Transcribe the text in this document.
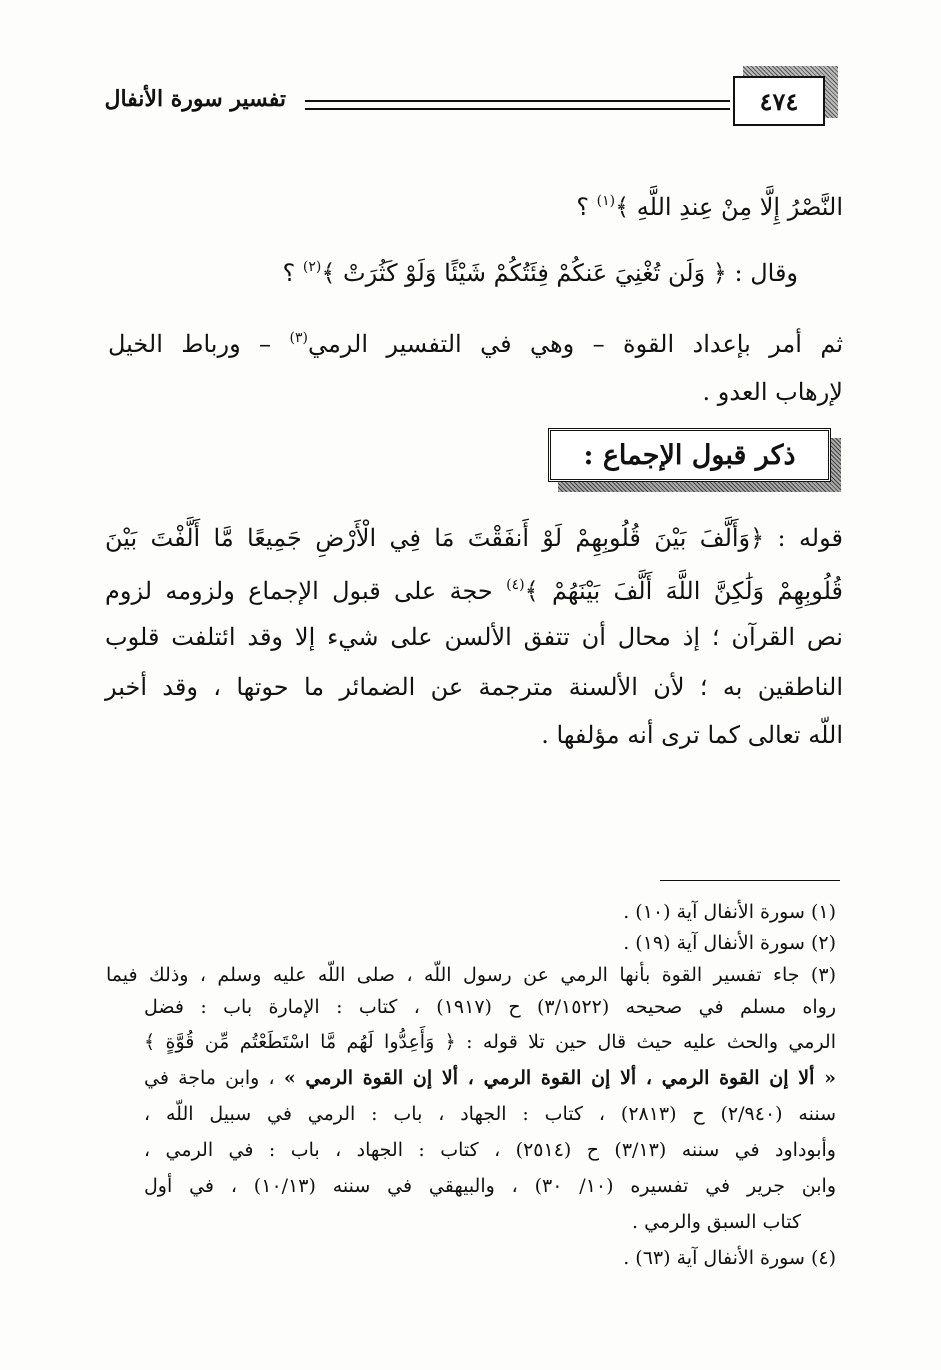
تفسير سورة الأنفال	٤٧٤
النَّصْرُ إِلَّا مِنْ عِندِ اللَّهِ ﴾$^{(١)}$ ؟
وقال : ﴿ وَلَن تُغْنِيَ عَنكُمْ فِئَتُكُمْ شَيْئًا وَلَوْ كَثُرَتْ ﴾$^{(٢)}$ ؟
ثم أمر بإعداد القوة – وهي في التفسير الرمي$^{(٣)}$ – ورباط الخيل
لإرهاب العدو .
ذكر قبول الإجماع :
قوله : ﴿وَأَلَّفَ بَيْنَ قُلُوبِهِمْ لَوْ أَنفَقْتَ مَا فِي الْأَرْضِ جَمِيعًا مَّا أَلَّفْتَ بَيْنَ
قُلُوبِهِمْ وَلَٰكِنَّ اللَّهَ أَلَّفَ بَيْنَهُمْ ﴾$^{(٤)}$ حجة على قبول الإجماع ولزومه لزوم
نص القرآن ؛ إذ محال أن تتفق الألسن على شيء إلا وقد ائتلفت قلوب
الناطقين به ؛ لأن الألسنة مترجمة عن الضمائر ما حوتها ، وقد أخبر
اللّه تعالى كما ترى أنه مؤلفها .
(١) سورة الأنفال آية (١٠) .
(٢) سورة الأنفال آية (١٩) .
(٣) جاء تفسير القوة بأنها الرمي عن رسول اللّه ، صلى اللّه عليه وسلم ، وذلك فيما
رواه مسلم في صحيحه (٣/١٥٢٢) ح (١٩١٧) ، كتاب : الإمارة باب : فضل
الرمي والحث عليه حيث قال حين تلا قوله : ﴿ وَأَعِدُّوا لَهُم مَّا اسْتَطَعْتُم مِّن قُوَّةٍ ﴾
« ألا إن القوة الرمي ، ألا إن القوة الرمي ، ألا إن القوة الرمي » ، وابن ماجة في
سننه (٢/٩٤٠) ح (٢٨١٣) ، كتاب : الجهاد ، باب : الرمي في سبيل اللّه ،
وأبوداود في سننه (٣/١٣) ح (٢٥١٤) ، كتاب : الجهاد ، باب : في الرمي ،
وابن جرير في تفسيره (١٠/ ٣٠) ، والبيهقي في سننه (١٠/١٣) ، في أول
كتاب السبق والرمي .
(٤) سورة الأنفال آية (٦٣) .
